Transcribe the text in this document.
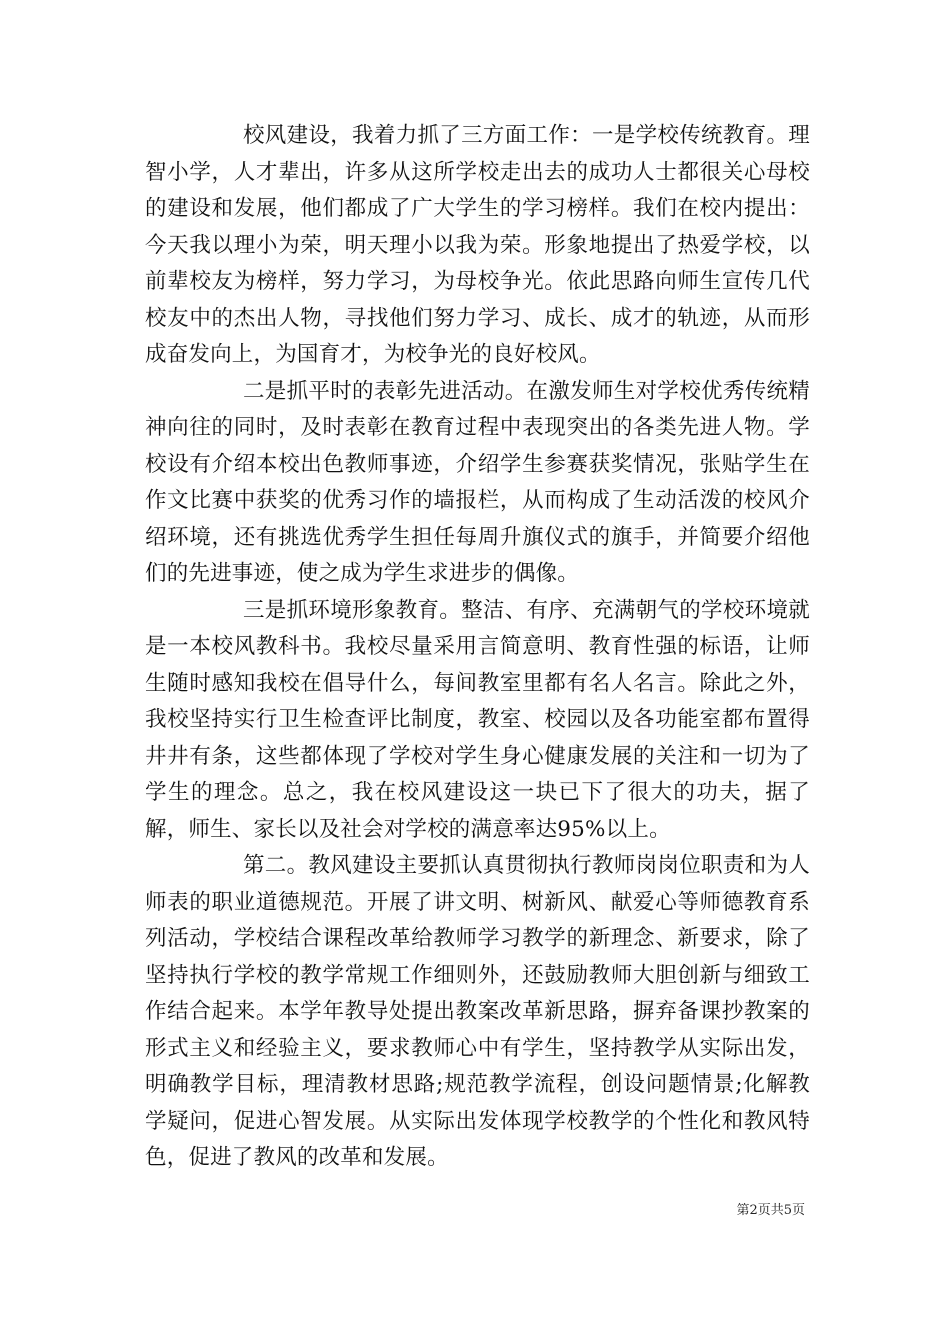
校风建设，我着力抓了三方面工作：一是学校传统教育。理智小学，人才辈出，许多从这所学校走出去的成功人士都很关心母校的建设和发展，他们都成了广大学生的学习榜样。我们在校内提出：今天我以理小为荣，明天理小以我为荣。形象地提出了热爱学校，以前辈校友为榜样，努力学习，为母校争光。依此思路向师生宣传几代校友中的杰出人物，寻找他们努力学习、成长、成才的轨迹，从而形成奋发向上，为国育才，为校争光的良好校风。

二是抓平时的表彰先进活动。在激发师生对学校优秀传统精神向往的同时，及时表彰在教育过程中表现突出的各类先进人物。学校设有介绍本校出色教师事迹，介绍学生参赛获奖情况，张贴学生在作文比赛中获奖的优秀习作的墙报栏，从而构成了生动活泼的校风介绍环境，还有挑选优秀学生担任每周升旗仪式的旗手，并简要介绍他们的先进事迹，使之成为学生求进步的偶像。

三是抓环境形象教育。整洁、有序、充满朝气的学校环境就是一本校风教科书。我校尽量采用言简意明、教育性强的标语，让师生随时感知我校在倡导什么，每间教室里都有名人名言。除此之外，我校坚持实行卫生检查评比制度，教室、校园以及各功能室都布置得井井有条，这些都体现了学校对学生身心健康发展的关注和一切为了学生的理念。总之，我在校风建设这一块已下了很大的功夫，据了解，师生、家长以及社会对学校的满意率达95%以上。

第二。教风建设主要抓认真贯彻执行教师岗岗位职责和为人师表的职业道德规范。开展了讲文明、树新风、献爱心等师德教育系列活动，学校结合课程改革给教师学习教学的新理念、新要求，除了坚持执行学校的教学常规工作细则外，还鼓励教师大胆创新与细致工作结合起来。本学年教导处提出教案改革新思路，摒弃备课抄教案的形式主义和经验主义，要求教师心中有学生，坚持教学从实际出发，明确教学目标，理清教材思路;规范教学流程，创设问题情景;化解教学疑问，促进心智发展。从实际出发体现学校教学的个性化和教风特色，促进了教风的改革和发展。

第2页共5页
